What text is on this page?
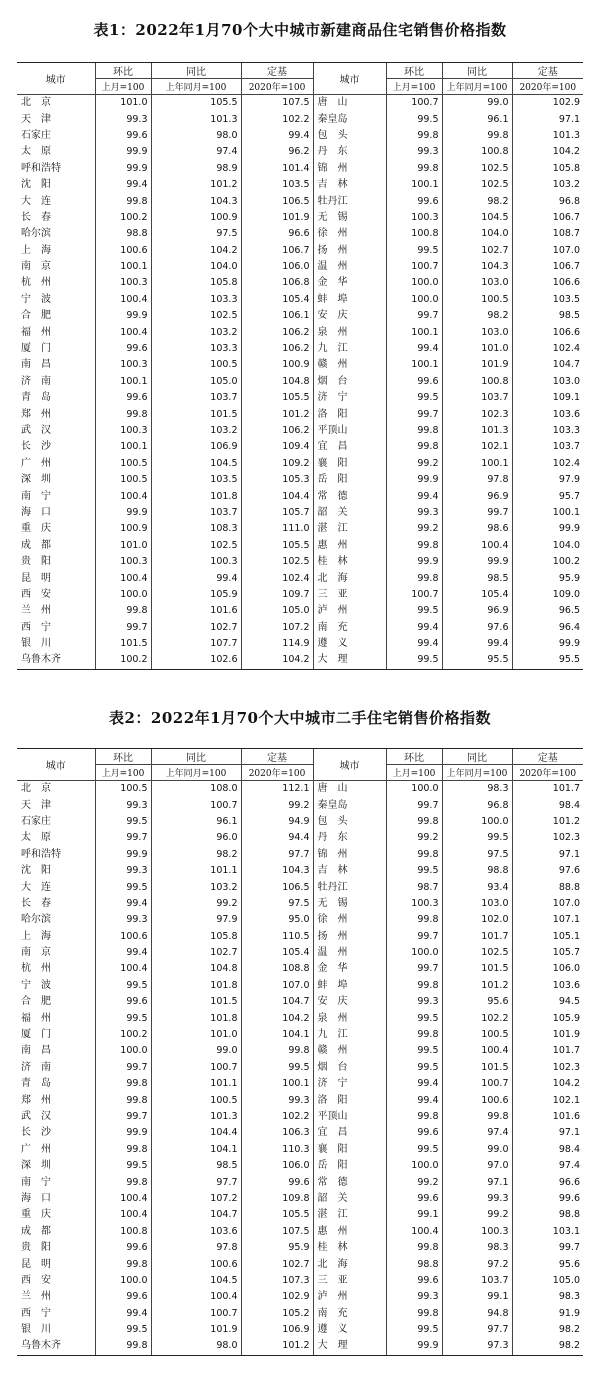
表1：2022年1月70个大中城市新建商品住宅销售价格指数
城市	环比	同比	定基	城市	环比	同比	定基
	上月=100	上年同月=100	2020年=100		上月=100	上年同月=100	2020年=100
北　京	101.0	105.5	107.5	唐　山	100.7	99.0	102.9
天　津	99.3	101.3	102.2	秦皇岛	99.5	96.1	97.1
石家庄	99.6	98.0	99.4	包　头	99.8	99.8	101.3
太　原	99.9	97.4	96.2	丹　东	99.3	100.8	104.2
呼和浩特	99.9	98.9	101.4	锦　州	99.8	102.5	105.8
沈　阳	99.4	101.2	103.5	吉　林	100.1	102.5	103.2
大　连	99.8	104.3	106.5	牡丹江	99.6	98.2	96.8
长　春	100.2	100.9	101.9	无　锡	100.3	104.5	106.7
哈尔滨	98.8	97.5	96.6	徐　州	100.8	104.0	108.7
上　海	100.6	104.2	106.7	扬　州	99.5	102.7	107.0
南　京	100.1	104.0	106.0	温　州	100.7	104.3	106.7
杭　州	100.3	105.8	106.8	金　华	100.0	103.0	106.6
宁　波	100.4	103.3	105.4	蚌　埠	100.0	100.5	103.5
合　肥	99.9	102.5	106.1	安　庆	99.7	98.2	98.5
福　州	100.4	103.2	106.2	泉　州	100.1	103.0	106.6
厦　门	99.6	103.3	106.2	九　江	99.4	101.0	102.4
南　昌	100.3	100.5	100.9	赣　州	100.1	101.9	104.7
济　南	100.1	105.0	104.8	烟　台	99.6	100.8	103.0
青　岛	99.6	103.7	105.5	济　宁	99.5	103.7	109.1
郑　州	99.8	101.5	101.2	洛　阳	99.7	102.3	103.6
武　汉	100.3	103.2	106.2	平顶山	99.8	101.3	103.3
长　沙	100.1	106.9	109.4	宜　昌	99.8	102.1	103.7
广　州	100.5	104.5	109.2	襄　阳	99.2	100.1	102.4
深　圳	100.5	103.5	105.3	岳　阳	99.9	97.8	97.9
南　宁	100.4	101.8	104.4	常　德	99.4	96.9	95.7
海　口	99.9	103.7	105.7	韶　关	99.3	99.7	100.1
重　庆	100.9	108.3	111.0	湛　江	99.2	98.6	99.9
成　都	101.0	102.5	105.5	惠　州	99.8	100.4	104.0
贵　阳	100.3	100.3	102.5	桂　林	99.9	99.9	100.2
昆　明	100.4	99.4	102.4	北　海	99.8	98.5	95.9
西　安	100.0	105.9	109.7	三　亚	100.7	105.4	109.0
兰　州	99.8	101.6	105.0	泸　州	99.5	96.9	96.5
西　宁	99.7	102.7	107.2	南　充	99.4	97.6	96.4
银　川	101.5	107.7	114.9	遵　义	99.4	99.4	99.9
乌鲁木齐	100.2	102.6	104.2	大　理	99.5	95.5	95.5
表2：2022年1月70个大中城市二手住宅销售价格指数
城市	环比	同比	定基	城市	环比	同比	定基
	上月=100	上年同月=100	2020年=100		上月=100	上年同月=100	2020年=100
北　京	100.5	108.0	112.1	唐　山	100.0	98.3	101.7
天　津	99.3	100.7	99.2	秦皇岛	99.7	96.8	98.4
石家庄	99.5	96.1	94.9	包　头	99.8	100.0	101.2
太　原	99.7	96.0	94.4	丹　东	99.2	99.5	102.3
呼和浩特	99.9	98.2	97.7	锦　州	99.8	97.5	97.1
沈　阳	99.3	101.1	104.3	吉　林	99.5	98.8	97.6
大　连	99.5	103.2	106.5	牡丹江	98.7	93.4	88.8
长　春	99.4	99.2	97.5	无　锡	100.3	103.0	107.0
哈尔滨	99.3	97.9	95.0	徐　州	99.8	102.0	107.1
上　海	100.6	105.8	110.5	扬　州	99.7	101.7	105.1
南　京	99.4	102.7	105.4	温　州	100.0	102.5	105.7
杭　州	100.4	104.8	108.8	金　华	99.7	101.5	106.0
宁　波	99.5	101.8	107.0	蚌　埠	99.8	101.2	103.6
合　肥	99.6	101.5	104.7	安　庆	99.3	95.6	94.5
福　州	99.5	101.8	104.2	泉　州	99.5	102.2	105.9
厦　门	100.2	101.0	104.1	九　江	99.8	100.5	101.9
南　昌	100.0	99.0	99.8	赣　州	99.5	100.4	101.7
济　南	99.7	100.7	99.5	烟　台	99.5	101.5	102.3
青　岛	99.8	101.1	100.1	济　宁	99.4	100.7	104.2
郑　州	99.8	100.5	99.3	洛　阳	99.4	100.6	102.1
武　汉	99.7	101.3	102.2	平顶山	99.8	99.8	101.6
长　沙	99.9	104.4	106.3	宜　昌	99.6	97.4	97.1
广　州	99.8	104.1	110.3	襄　阳	99.5	99.0	98.4
深　圳	99.5	98.5	106.0	岳　阳	100.0	97.0	97.4
南　宁	99.8	97.7	99.6	常　德	99.2	97.1	96.6
海　口	100.4	107.2	109.8	韶　关	99.6	99.3	99.6
重　庆	100.4	104.7	105.5	湛　江	99.1	99.2	98.8
成　都	100.8	103.6	107.5	惠　州	100.4	100.3	103.1
贵　阳	99.6	97.8	95.9	桂　林	99.8	98.3	99.7
昆　明	99.8	100.6	102.7	北　海	98.8	97.2	95.6
西　安	100.0	104.5	107.3	三　亚	99.6	103.7	105.0
兰　州	99.6	100.4	102.9	泸　州	99.3	99.1	98.3
西　宁	99.4	100.7	105.2	南　充	99.8	94.8	91.9
银　川	99.5	101.9	106.9	遵　义	99.5	97.7	98.2
乌鲁木齐	99.8	98.0	101.2	大　理	99.9	97.3	98.2
